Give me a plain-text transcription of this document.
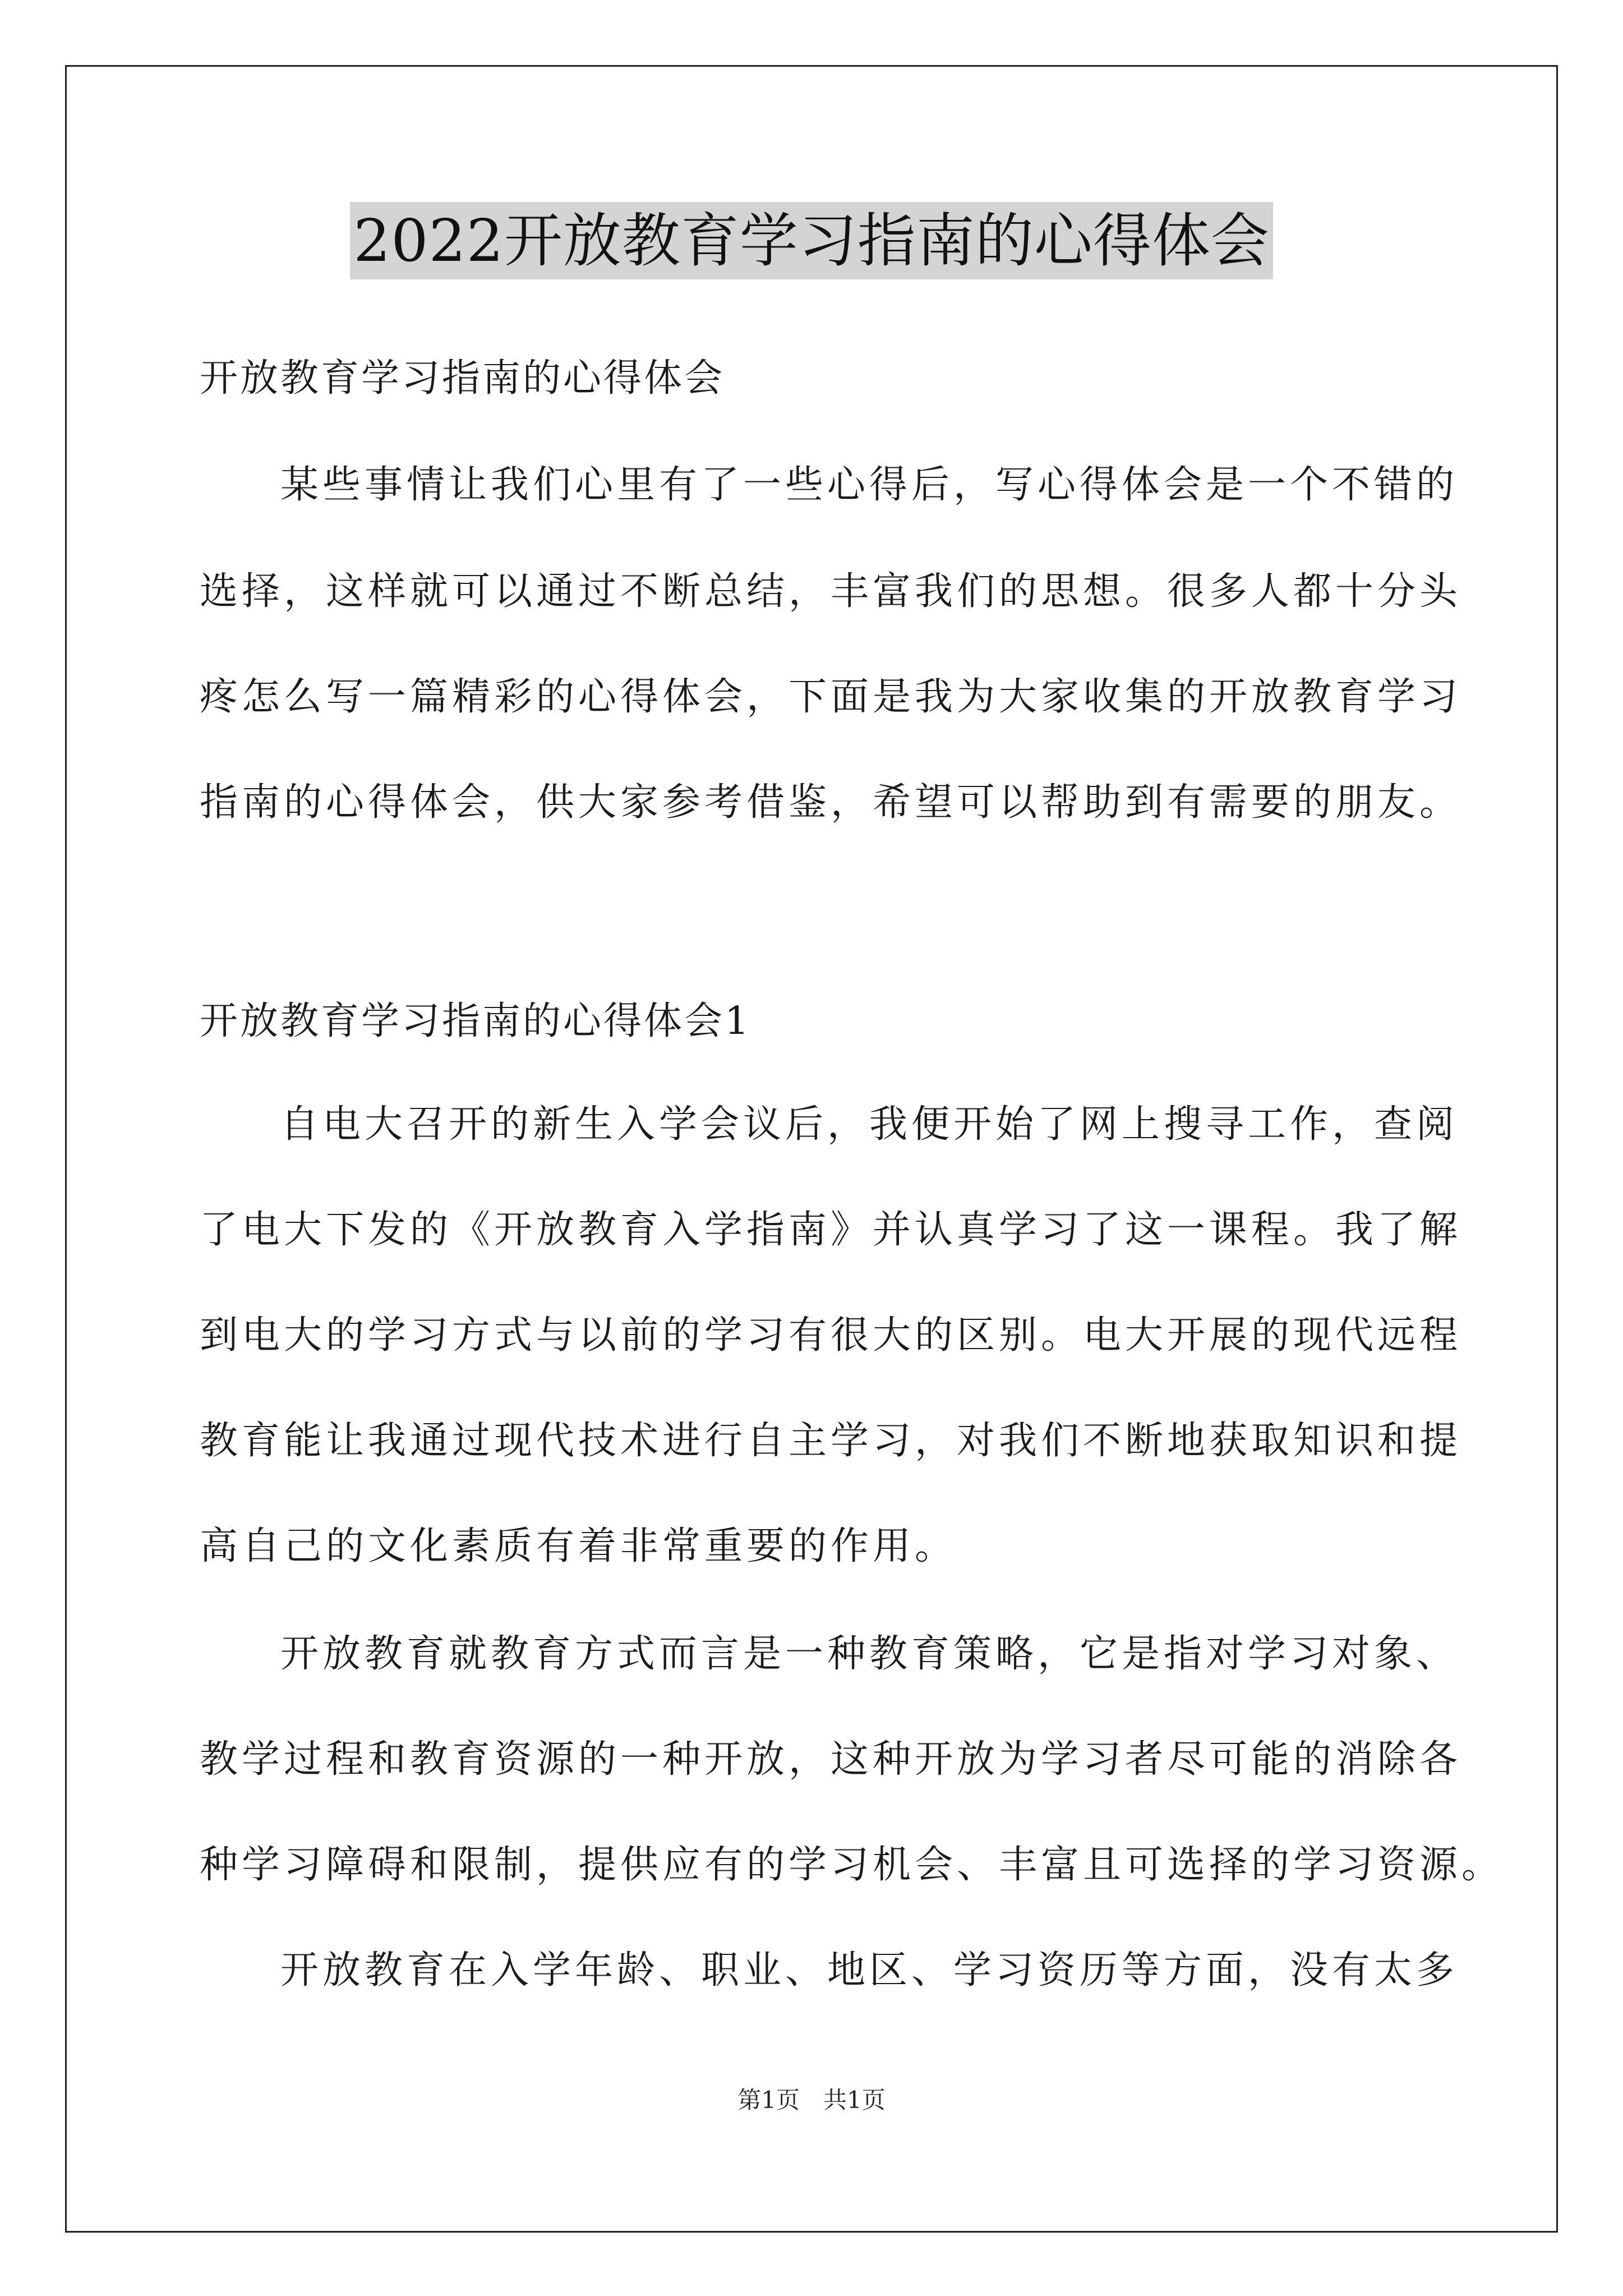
2022开放教育学习指南的心得体会
开放教育学习指南的心得体会
某些事情让我们心里有了一些心得后，写心得体会是一个不错的
选择，这样就可以通过不断总结，丰富我们的思想。很多人都十分头
疼怎么写一篇精彩的心得体会，下面是我为大家收集的开放教育学习
指南的心得体会，供大家参考借鉴，希望可以帮助到有需要的朋友。
开放教育学习指南的心得体会1
自电大召开的新生入学会议后，我便开始了网上搜寻工作，查阅
了电大下发的《开放教育入学指南》并认真学习了这一课程。我了解
到电大的学习方式与以前的学习有很大的区别。电大开展的现代远程
教育能让我通过现代技术进行自主学习，对我们不断地获取知识和提
高自己的文化素质有着非常重要的作用。
开放教育就教育方式而言是一种教育策略，它是指对学习对象、
教学过程和教育资源的一种开放，这种开放为学习者尽可能的消除各
种学习障碍和限制，提供应有的学习机会、丰富且可选择的学习资源。
开放教育在入学年龄、职业、地区、学习资历等方面，没有太多
第1页　共1页
